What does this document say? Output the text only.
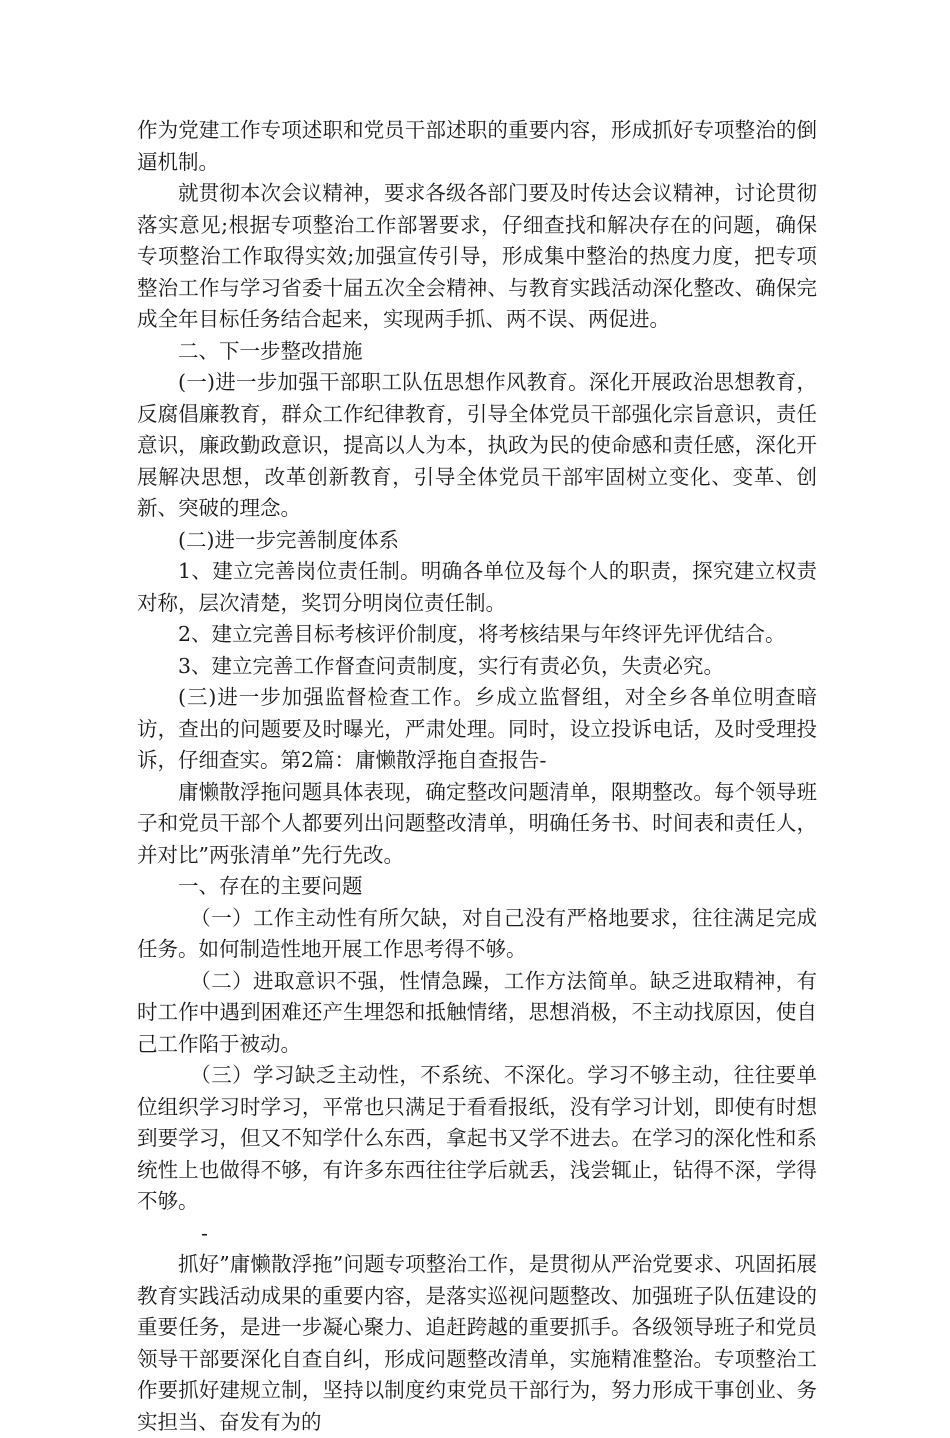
作为党建工作专项述职和党员干部述职的重要内容，形成抓好专项整治的倒逼机制。

就贯彻本次会议精神，要求各级各部门要及时传达会议精神，讨论贯彻落实意见;根据专项整治工作部署要求，仔细查找和解决存在的问题，确保专项整治工作取得实效;加强宣传引导，形成集中整治的热度力度，把专项整治工作与学习省委十届五次全会精神、与教育实践活动深化整改、确保完成全年目标任务结合起来，实现两手抓、两不误、两促进。

二、下一步整改措施

(一)进一步加强干部职工队伍思想作风教育。深化开展政治思想教育，反腐倡廉教育，群众工作纪律教育，引导全体党员干部强化宗旨意识，责任意识，廉政勤政意识，提高以人为本，执政为民的使命感和责任感，深化开展解决思想，改革创新教育，引导全体党员干部牢固树立变化、变革、创新、突破的理念。

(二)进一步完善制度体系

1、建立完善岗位责任制。明确各单位及每个人的职责，探究建立权责对称，层次清楚，奖罚分明岗位责任制。

2、建立完善目标考核评价制度，将考核结果与年终评先评优结合。

3、建立完善工作督查问责制度，实行有责必负，失责必究。

(三)进一步加强监督检查工作。乡成立监督组，对全乡各单位明查暗访，查出的问题要及时曝光，严肃处理。同时，设立投诉电话，及时受理投诉，仔细查实。第2篇：庸懒散浮拖自查报告-

庸懒散浮拖问题具体表现，确定整改问题清单，限期整改。每个领导班子和党员干部个人都要列出问题整改清单，明确任务书、时间表和责任人，并对比”两张清单”先行先改。

一、存在的主要问题

（一）工作主动性有所欠缺，对自己没有严格地要求，往往满足完成任务。如何制造性地开展工作思考得不够。

（二）进取意识不强，性情急躁，工作方法简单。缺乏进取精神，有时工作中遇到困难还产生埋怨和抵触情绪，思想消极，不主动找原因，使自己工作陷于被动。

（三）学习缺乏主动性，不系统、不深化。学习不够主动，往往要单位组织学习时学习，平常也只满足于看看报纸，没有学习计划，即使有时想到要学习，但又不知学什么东西，拿起书又学不进去。在学习的深化性和系统性上也做得不够，有许多东西往往学后就丢，浅尝辄止，钻得不深，学得不够。

-

抓好”庸懒散浮拖”问题专项整治工作，是贯彻从严治党要求、巩固拓展教育实践活动成果的重要内容，是落实巡视问题整改、加强班子队伍建设的重要任务，是进一步凝心聚力、追赶跨越的重要抓手。各级领导班子和党员领导干部要深化自查自纠，形成问题整改清单，实施精准整治。专项整治工作要抓好建规立制，坚持以制度约束党员干部行为，努力形成干事创业、务实担当、奋发有为的
